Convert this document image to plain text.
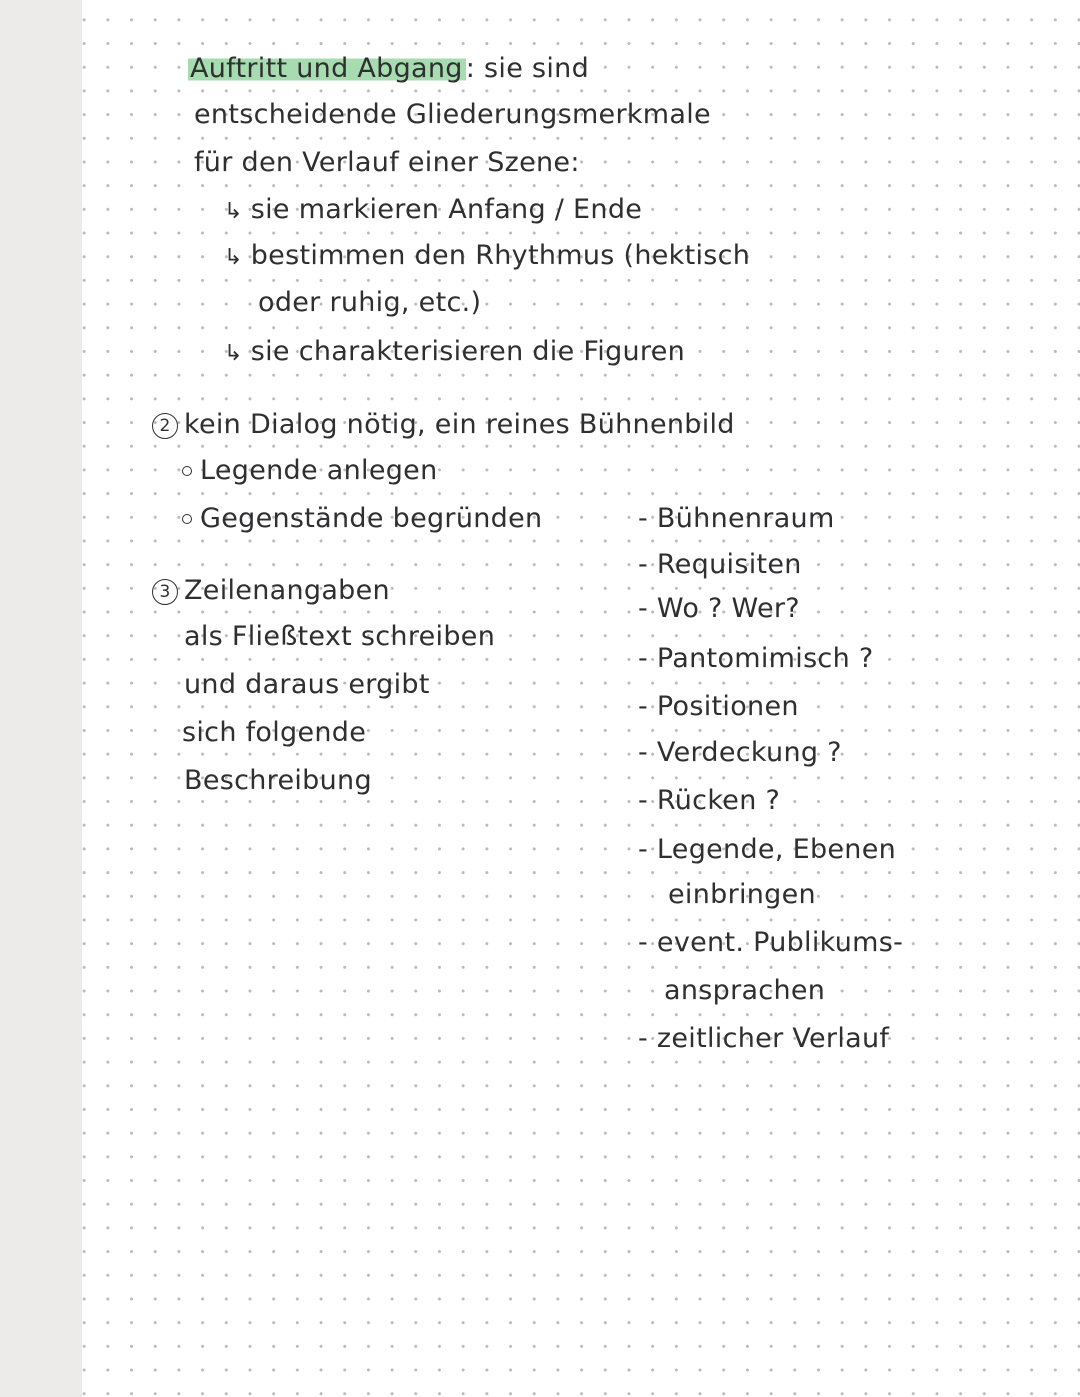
Auftritt und Abgang : sie sind

entscheidende Gliederungsmerkmale

für den Verlauf einer Szene:

↳ sie markieren Anfang / Ende

↳ bestimmen den Rhythmus (hektisch

oder ruhig, etc.)

↳ sie charakterisieren die Figuren

2 kein Dialog nötig, ein reines Bühnenbild

Legende anlegen

Gegenstände begründen

3 Zeilenangaben

als Fließtext schreiben

und daraus ergibt

sich folgende

Beschreibung

- Bühnenraum

- Requisiten

- Wo ? Wer?

- Pantomimisch ?

- Positionen

- Verdeckung ?

- Rücken ?

- Legende, Ebenen

einbringen

- event. Publikums-

ansprachen

- zeitlicher Verlauf
